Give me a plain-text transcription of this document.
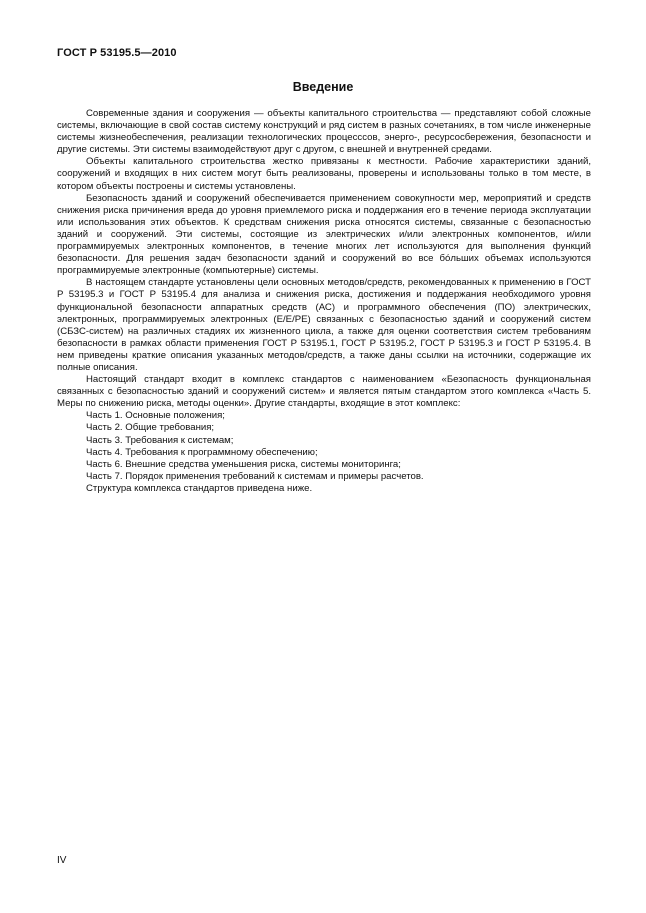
ГОСТ Р 53195.5—2010
Введение

Современные здания и сооружения — объекты капитального строительства — представляют собой сложные системы, включающие в свой состав систему конструкций и ряд систем в разных сочетаниях, в том числе инженерные системы жизнеобеспечения, реализации технологических процесссов, энерго-, ресурсосбережения, безопасности и другие системы. Эти системы взаимодействуют друг с другом, с внешней и внутренней средами.

Объекты капитального строительства жестко привязаны к местности. Рабочие характеристики зданий, сооружений и входящих в них систем могут быть реализованы, проверены и использованы только в том месте, в котором объекты построены и системы установлены.

Безопасность зданий и сооружений обеспечивается применением совокупности мер, мероприятий и средств снижения риска причинения вреда до уровня приемлемого риска и поддержания его в течение периода эксплуатации или использования этих объектов. К средствам снижения риска относятся системы, связанные с безопасностью зданий и сооружений. Эти системы, состоящие из электрических и/или электронных компонентов, и/или программируемых электронных компонентов, в течение многих лет используются для выполнения функций безопасности. Для решения задач безопасности зданий и сооружений во все бо́льших объемах используются программируемые электронные (компьютерные) системы.

В настоящем стандарте установлены цели основных методов/средств, рекомендованных к применению в ГОСТ Р 53195.3 и ГОСТ Р 53195.4 для анализа и снижения риска, достижения и поддержания необходимого уровня функциональной безопасности аппаратных средств (АС) и программного обеспечения (ПО) электрических, электронных, программируемых электронных (Е/Е/РЕ) связанных с безопасностью зданий и сооружений систем (СБЗС-систем) на различных стадиях их жизненного цикла, а также для оценки соответствия систем требованиям безопасности в рамках области применения ГОСТ Р 53195.1, ГОСТ Р 53195.2, ГОСТ Р 53195.3 и ГОСТ Р 53195.4. В нем приведены краткие описания указанных методов/средств, а также даны ссылки на источники, содержащие их полные описания.

Настоящий стандарт входит в комплекс стандартов с наименованием «Безопасность функциональная связанных с безопасностью зданий и сооружений систем» и является пятым стандартом этого комплекса «Часть 5. Меры по снижению риска, методы оценки». Другие стандарты, входящие в этот комплекс:

Часть 1. Основные положения;

Часть 2. Общие требования;

Часть 3. Требования к системам;

Часть 4. Требования к программному обеспечению;

Часть 6. Внешние средства уменьшения риска, системы мониторинга;

Часть 7. Порядок применения требований к системам и примеры расчетов.

Структура комплекса стандартов приведена ниже.

IV
